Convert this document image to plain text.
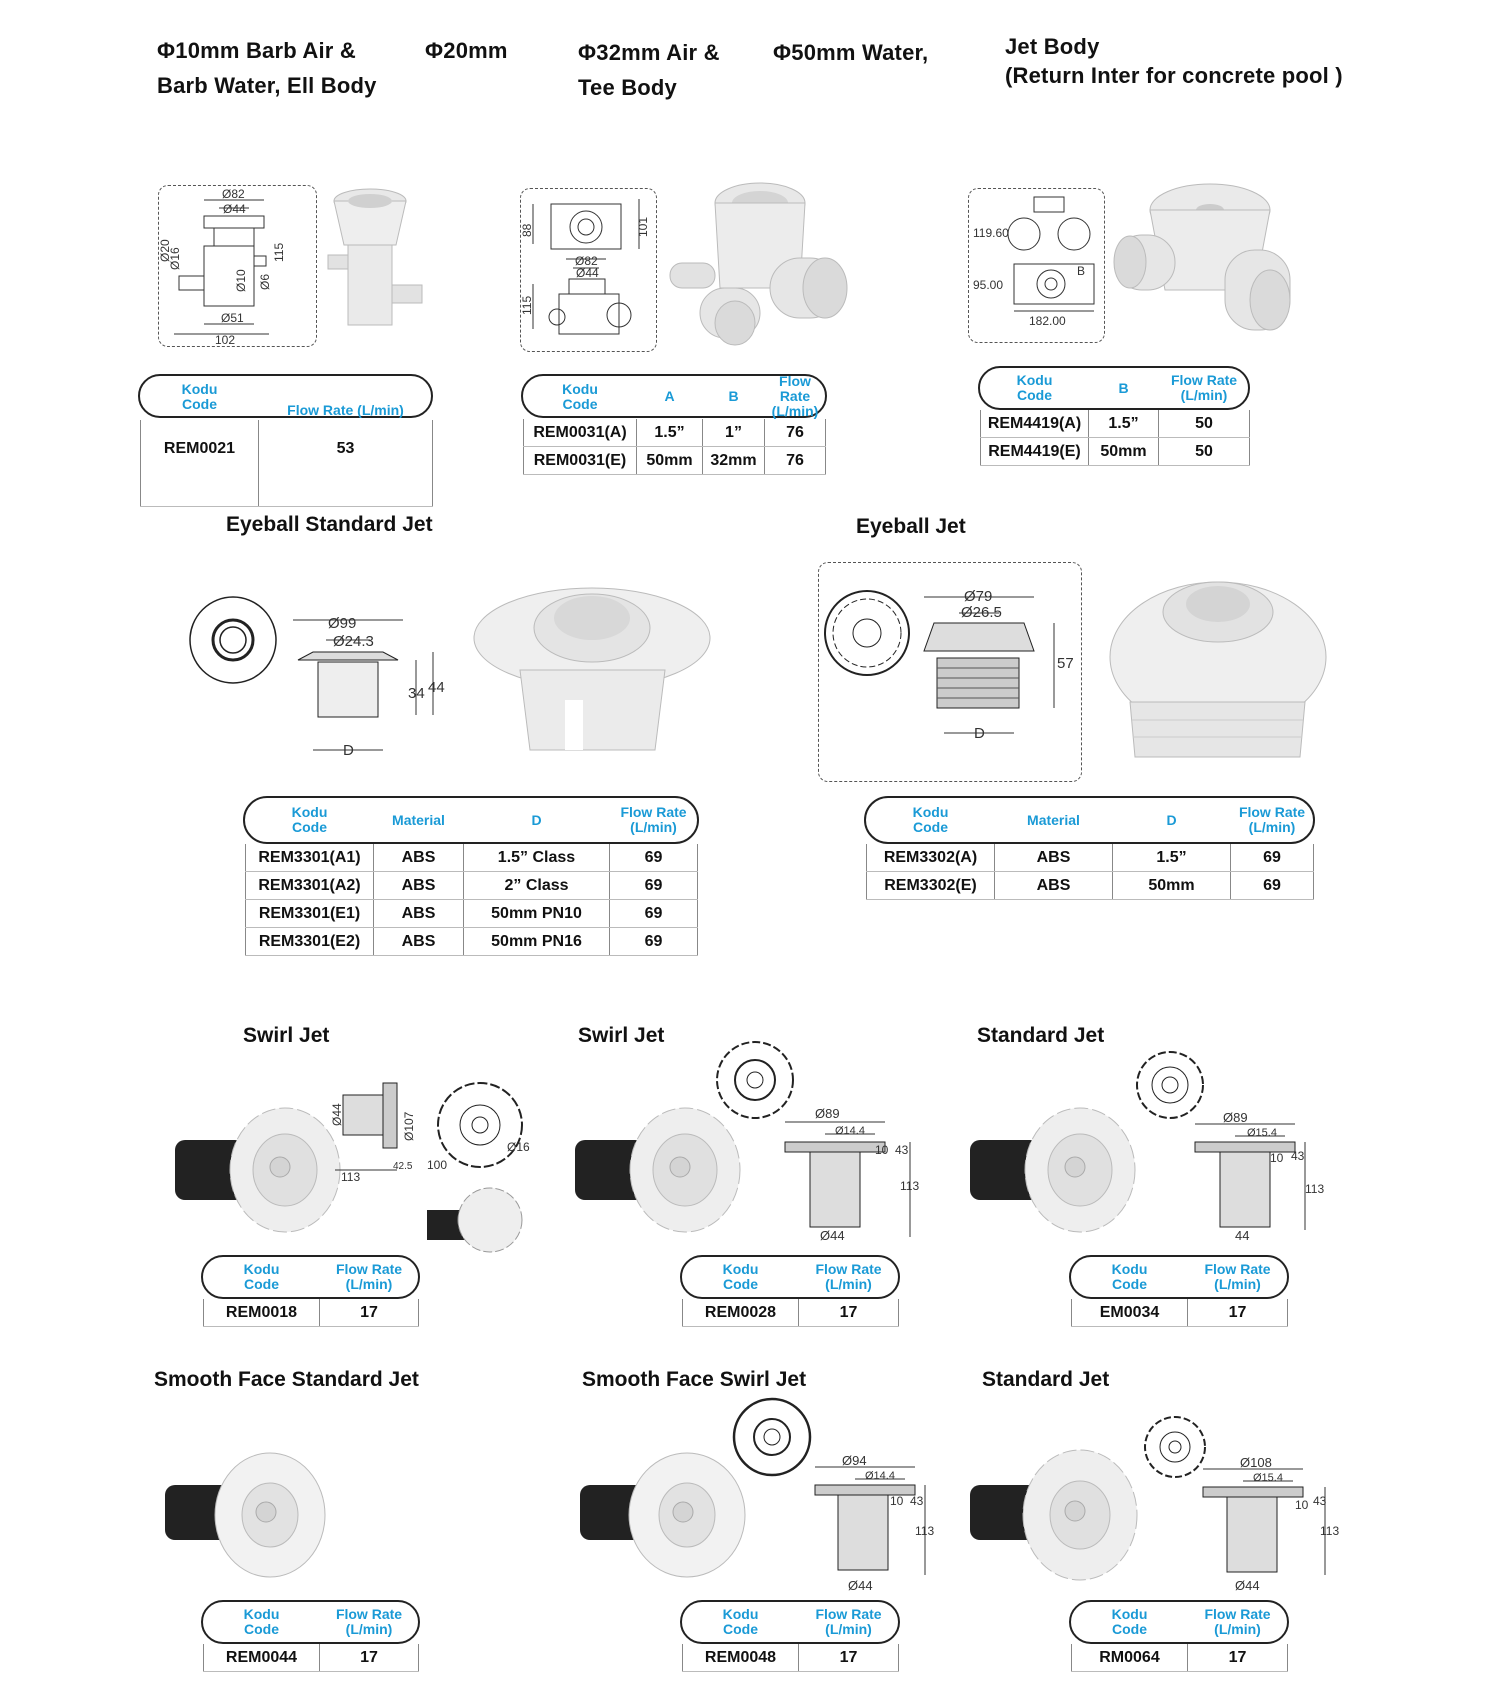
Φ10mm Barb Air &
Barb Water, Ell Body
Φ20mm	Φ32mm Air &
Tee Body
Φ50mm Water,	Jet Body
(Return Inter for concrete pool )
Ø82
Ø44
Ø20
Ø16	115
Ø10 Ø6
Ø51
102
Kodu
Code	Flow Rate (L/min)
REM0021	53
88	101
Ø82
Ø44
115
Kodu
Code	A	B	Flow Rate
(L/min)
REM0031(A)	1.5”	1”	76
REM0031(E)	50mm	32mm	76
119.60
95.00
182.00
B
Kodu
Code	B	Flow Rate
(L/min)
REM4419(A)	1.5”	50
REM4419(E)	50mm	50
Eyeball Standard Jet
Ø99
Ø24.3
34 44
D
Kodu
Code	Material	D	Flow Rate
(L/min)
REM3301(A1)	ABS	1.5” Class	69
REM3301(A2)	ABS	2” Class	69
REM3301(E1)	ABS	50mm PN10	69
REM3301(E2)	ABS	50mm PN16	69
Eyeball Jet
Ø79
Ø26.5
57
D
Kodu
Code	Material	D	Flow Rate
(L/min)
REM3302(A)	ABS	1.5”	69
REM3302(E)	ABS	50mm	69
Swirl Jet
Ø44	Ø107
113
42.5 100
Ø16
Kodu
Code	Flow Rate
(L/min)
REM0018	17
Swirl Jet
Ø89
Ø14.4
10 43
113
Ø44
Kodu
Code	Flow Rate
(L/min)
REM0028	17
Standard Jet
Ø89
Ø15.4
10 43
113
44
Kodu
Code	Flow Rate
(L/min)
EM0034	17
Smooth Face Standard Jet
Kodu
Code	Flow Rate
(L/min)
REM0044	17
Smooth Face Swirl Jet
Ø94
Ø14.4
10 43
113
Ø44
Kodu
Code	Flow Rate
(L/min)
REM0048	17
Standard Jet
Ø108
Ø15.4
10 43
113
Ø44
Kodu
Code	Flow Rate
(L/min)
RM0064	17
